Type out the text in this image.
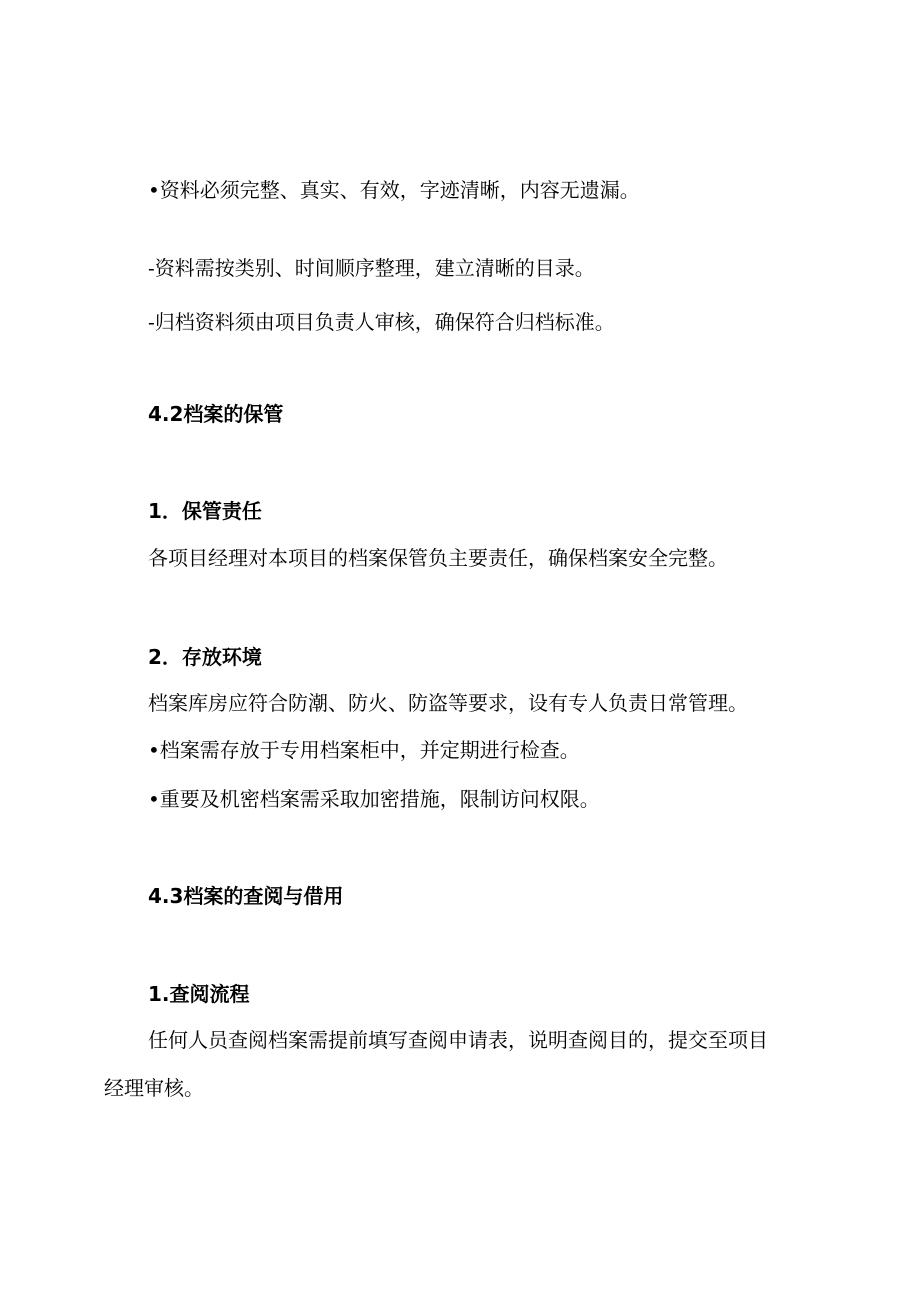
•资料必须完整、真实、有效，字迹清晰，内容无遗漏。
-资料需按类别、时间顺序整理，建立清晰的目录。
-归档资料须由项目负责人审核，确保符合归档标准。
4.2档案的保管
1．保管责任
各项目经理对本项目的档案保管负主要责任，确保档案安全完整。
2．存放环境
档案库房应符合防潮、防火、防盗等要求，设有专人负责日常管理。
•档案需存放于专用档案柜中，并定期进行检查。
•重要及机密档案需采取加密措施，限制访问权限。
4.3档案的查阅与借用
1.查阅流程
任何人员查阅档案需提前填写查阅申请表，说明查阅目的，提交至项目
经理审核。
